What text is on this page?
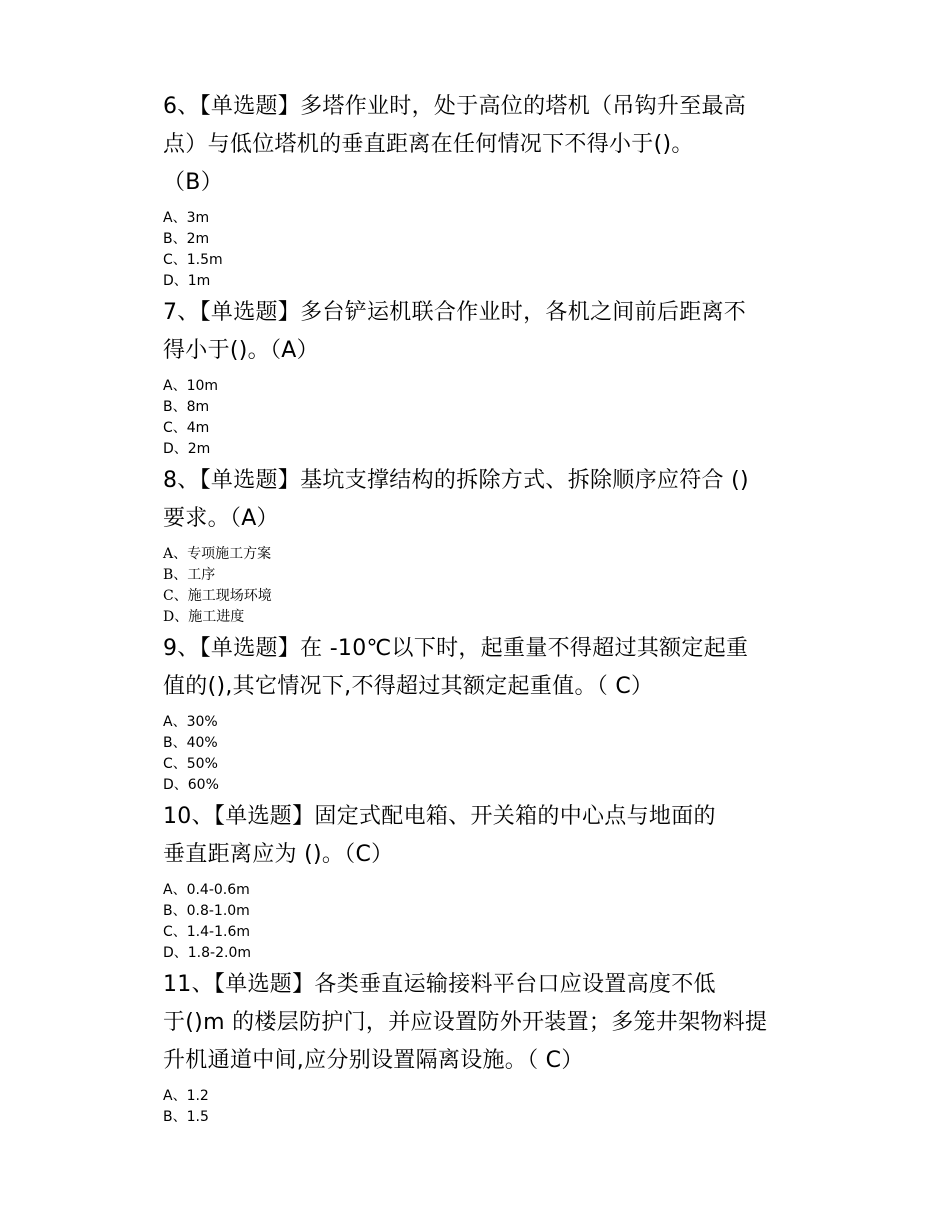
6、【单选题】多塔作业时，处于高位的塔机（吊钩升至最高
点）与低位塔机的垂直距离在任何情况下不得小于()。
（B）

A、3m
B、2m
C、1.5m
D、1m

7、【单选题】多台铲运机联合作业时，各机之间前后距离不
得小于()。（A）

A、10m
B、8m
C、4m
D、2m

8、【单选题】基坑支撑结构的拆除方式、拆除顺序应符合 ()
要求。（A）

A、专项施工方案
B、工序
C、施工现场环境
D、施工进度

9、【单选题】在 -10℃以下时，起重量不得超过其额定起重
值的(),其它情况下,不得超过其额定起重值。（ C）

A、30%
B、40%
C、50%
D、60%

10、【单选题】固定式配电箱、开关箱的中心点与地面的
垂直距离应为 ()。（C）

A、0.4-0.6m
B、0.8-1.0m
C、1.4-1.6m
D、1.8-2.0m

11、【单选题】各类垂直运输接料平台口应设置高度不低
于()m 的楼层防护门，并应设置防外开装置；多笼井架物料提
升机通道中间,应分别设置隔离设施。（ C）

A、1.2
B、1.5
